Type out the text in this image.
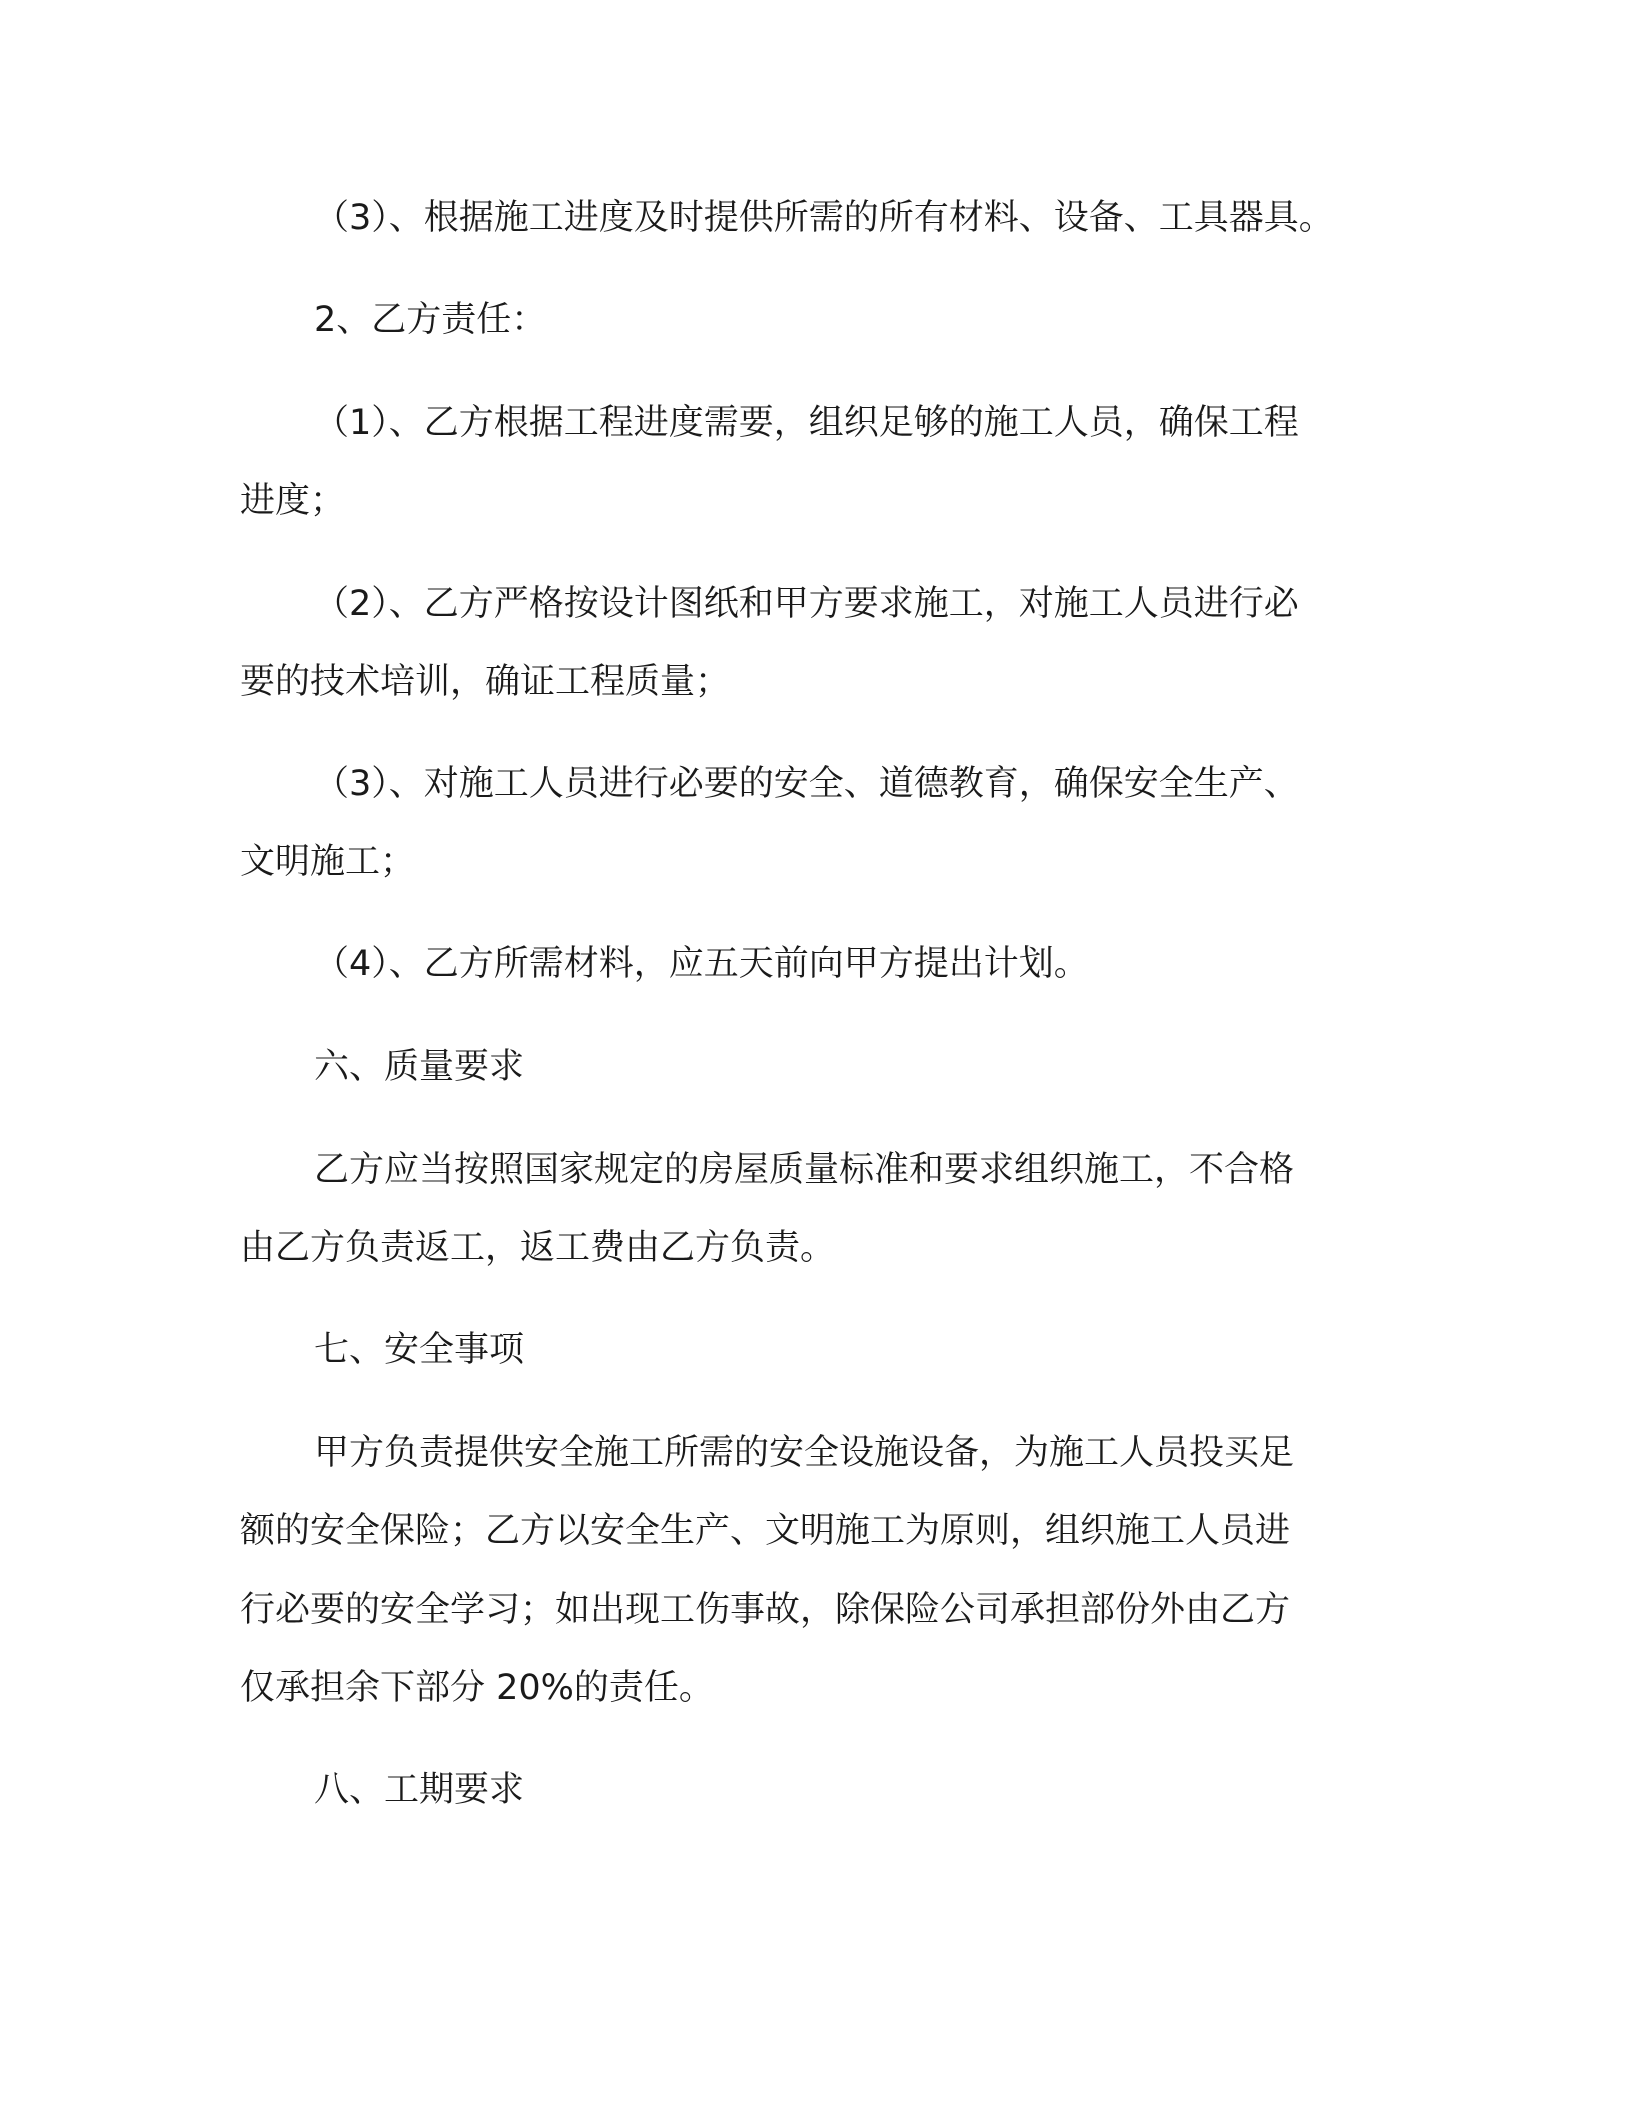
（3）、根据施工进度及时提供所需的所有材料、设备、工具器具。
2、乙方责任：
（1）、乙方根据工程进度需要，组织足够的施工人员，确保工程
进度；
（2）、乙方严格按设计图纸和甲方要求施工，对施工人员进行必
要的技术培训，确证工程质量；
（3）、对施工人员进行必要的安全、道德教育，确保安全生产、
文明施工；
（4）、乙方所需材料，应五天前向甲方提出计划。
六、质量要求
乙方应当按照国家规定的房屋质量标准和要求组织施工，不合格
由乙方负责返工，返工费由乙方负责。
七、安全事项
甲方负责提供安全施工所需的安全设施设备，为施工人员投买足
额的安全保险；乙方以安全生产、文明施工为原则，组织施工人员进
行必要的安全学习；如出现工伤事故，除保险公司承担部份外由乙方
仅承担余下部分 20%的责任。
八、工期要求
